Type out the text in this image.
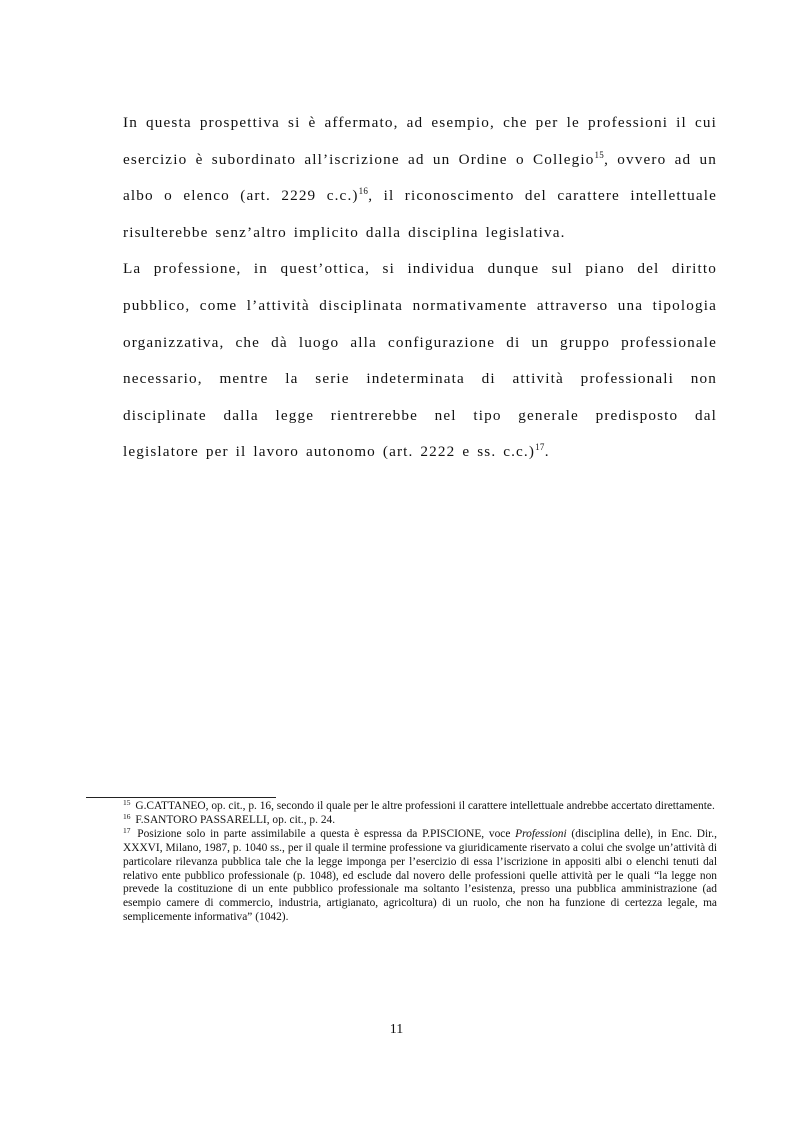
In questa prospettiva si è affermato, ad esempio, che per le professioni il cui esercizio è subordinato all’iscrizione ad un Ordine o Collegio$^{15}$, ovvero ad un albo o elenco (art. 2229 c.c.)$^{16}$, il riconoscimento del carattere intellettuale risulterebbe senz’altro implicito dalla disciplina legislativa.

La professione, in quest’ottica, si individua dunque sul piano del diritto pubblico, come l’attività disciplinata normativamente attraverso una tipologia organizzativa, che dà luogo alla configurazione di un gruppo professionale necessario, mentre la serie indeterminata di attività professionali non disciplinate dalla legge rientrerebbe nel tipo generale predisposto dal legislatore per il lavoro autonomo (art. 2222 e ss. c.c.)$^{17}$.

$^{15}$ G.CATTANEO, op. cit., p. 16, secondo il quale per le altre professioni il carattere intellettuale andrebbe accertato direttamente.

$^{16}$ F.SANTORO PASSARELLI, op. cit., p. 24.

$^{17}$ Posizione solo in parte assimilabile a questa è espressa da P.PISCIONE, voce Professioni (disciplina delle), in Enc. Dir., XXXVI, Milano, 1987, p. 1040 ss., per il quale il termine professione va giuridicamente riservato a colui che svolge un’attività di particolare rilevanza pubblica tale che la legge imponga per l’esercizio di essa l’iscrizione in appositi albi o elenchi tenuti dal relativo ente pubblico professionale (p. 1048), ed esclude dal novero delle professioni quelle attività per le quali “la legge non prevede la costituzione di un ente pubblico professionale ma soltanto l’esistenza, presso una pubblica amministrazione (ad esempio camere di commercio, industria, artigianato, agricoltura) di un ruolo, che non ha funzione di certezza legale, ma semplicemente informativa” (1042).

11
